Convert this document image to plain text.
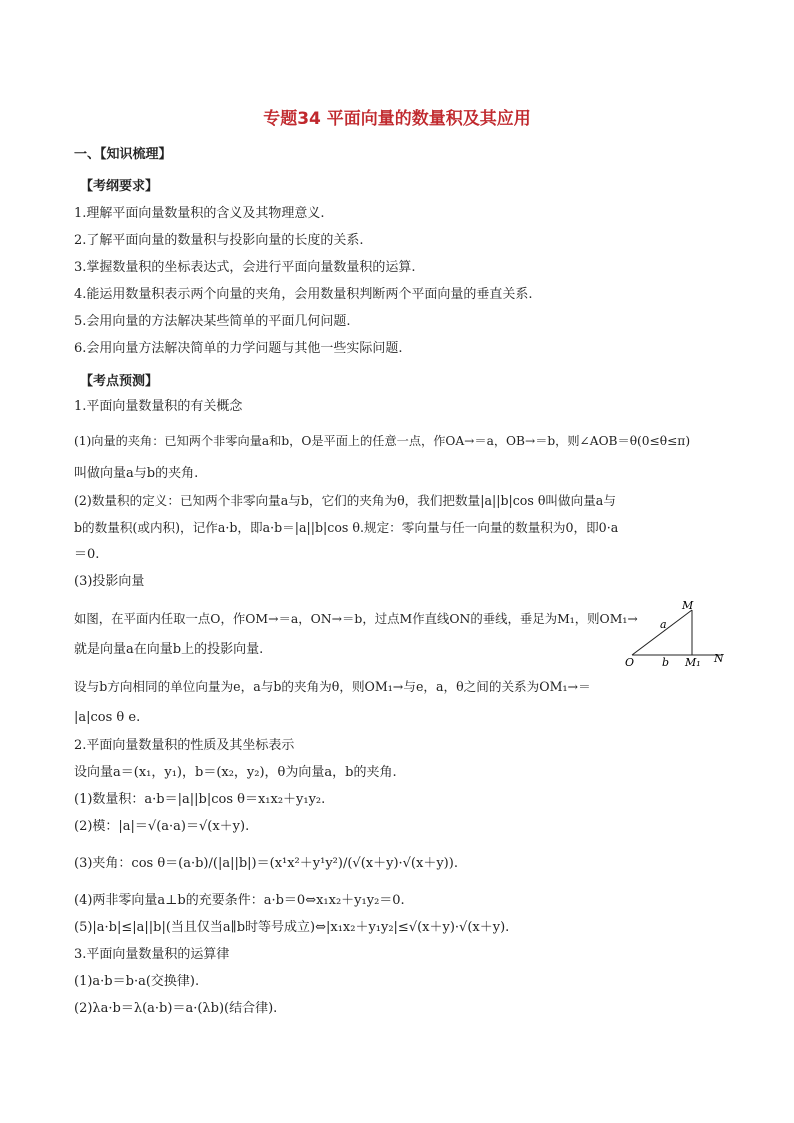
专题34 平面向量的数量积及其应用
一、【知识梳理】
【考纲要求】
1.理解平面向量数量积的含义及其物理意义.
2.了解平面向量的数量积与投影向量的长度的关系.
3.掌握数量积的坐标表达式，会进行平面向量数量积的运算.
4.能运用数量积表示两个向量的夹角，会用数量积判断两个平面向量的垂直关系.
5.会用向量的方法解决某些简单的平面几何问题.
6.会用向量方法解决简单的力学问题与其他一些实际问题.
【考点预测】
1.平面向量数量积的有关概念
(1)向量的夹角：已知两个非零向量a和b，O是平面上的任意一点，作OA→＝a，OB→＝b，则∠AOB＝θ(0≤θ≤π)
叫做向量a与b的夹角.
(2)数量积的定义：已知两个非零向量a与b，它们的夹角为θ，我们把数量|a||b|cos θ叫做向量a与
b的数量积(或内积)，记作a·b，即a·b＝|a||b|cos θ.规定：零向量与任一向量的数量积为0，即0·a
＝0.
(3)投影向量
如图，在平面内任取一点O，作OM→＝a，ON→＝b，过点M作直线ON的垂线，垂足为M₁，则OM₁→
就是向量a在向量b上的投影向量.
设与b方向相同的单位向量为e，a与b的夹角为θ，则OM₁→与e，a，θ之间的关系为OM₁→＝
|a|cos θ e.
2.平面向量数量积的性质及其坐标表示
设向量a＝(x₁，y₁)，b＝(x₂，y₂)，θ为向量a，b的夹角.
(1)数量积：a·b＝|a||b|cos θ＝x₁x₂＋y₁y₂.
(2)模：|a|＝√(a·a)＝√(x＋y).
(3)夹角：cos θ＝(a·b)/(|a||b|)＝(x¹x²＋y¹y²)/(√(x＋y)·√(x＋y)).
(4)两非零向量a⊥b的充要条件：a·b＝0⇔x₁x₂＋y₁y₂＝0.
(5)|a·b|≤|a||b|(当且仅当a∥b时等号成立)⇔|x₁x₂＋y₁y₂|≤√(x＋y)·√(x＋y).
3.平面向量数量积的运算律
(1)a·b＝b·a(交换律).
(2)λa·b＝λ(a·b)＝a·(λb)(结合律).
M
a
O	b M₁ N
